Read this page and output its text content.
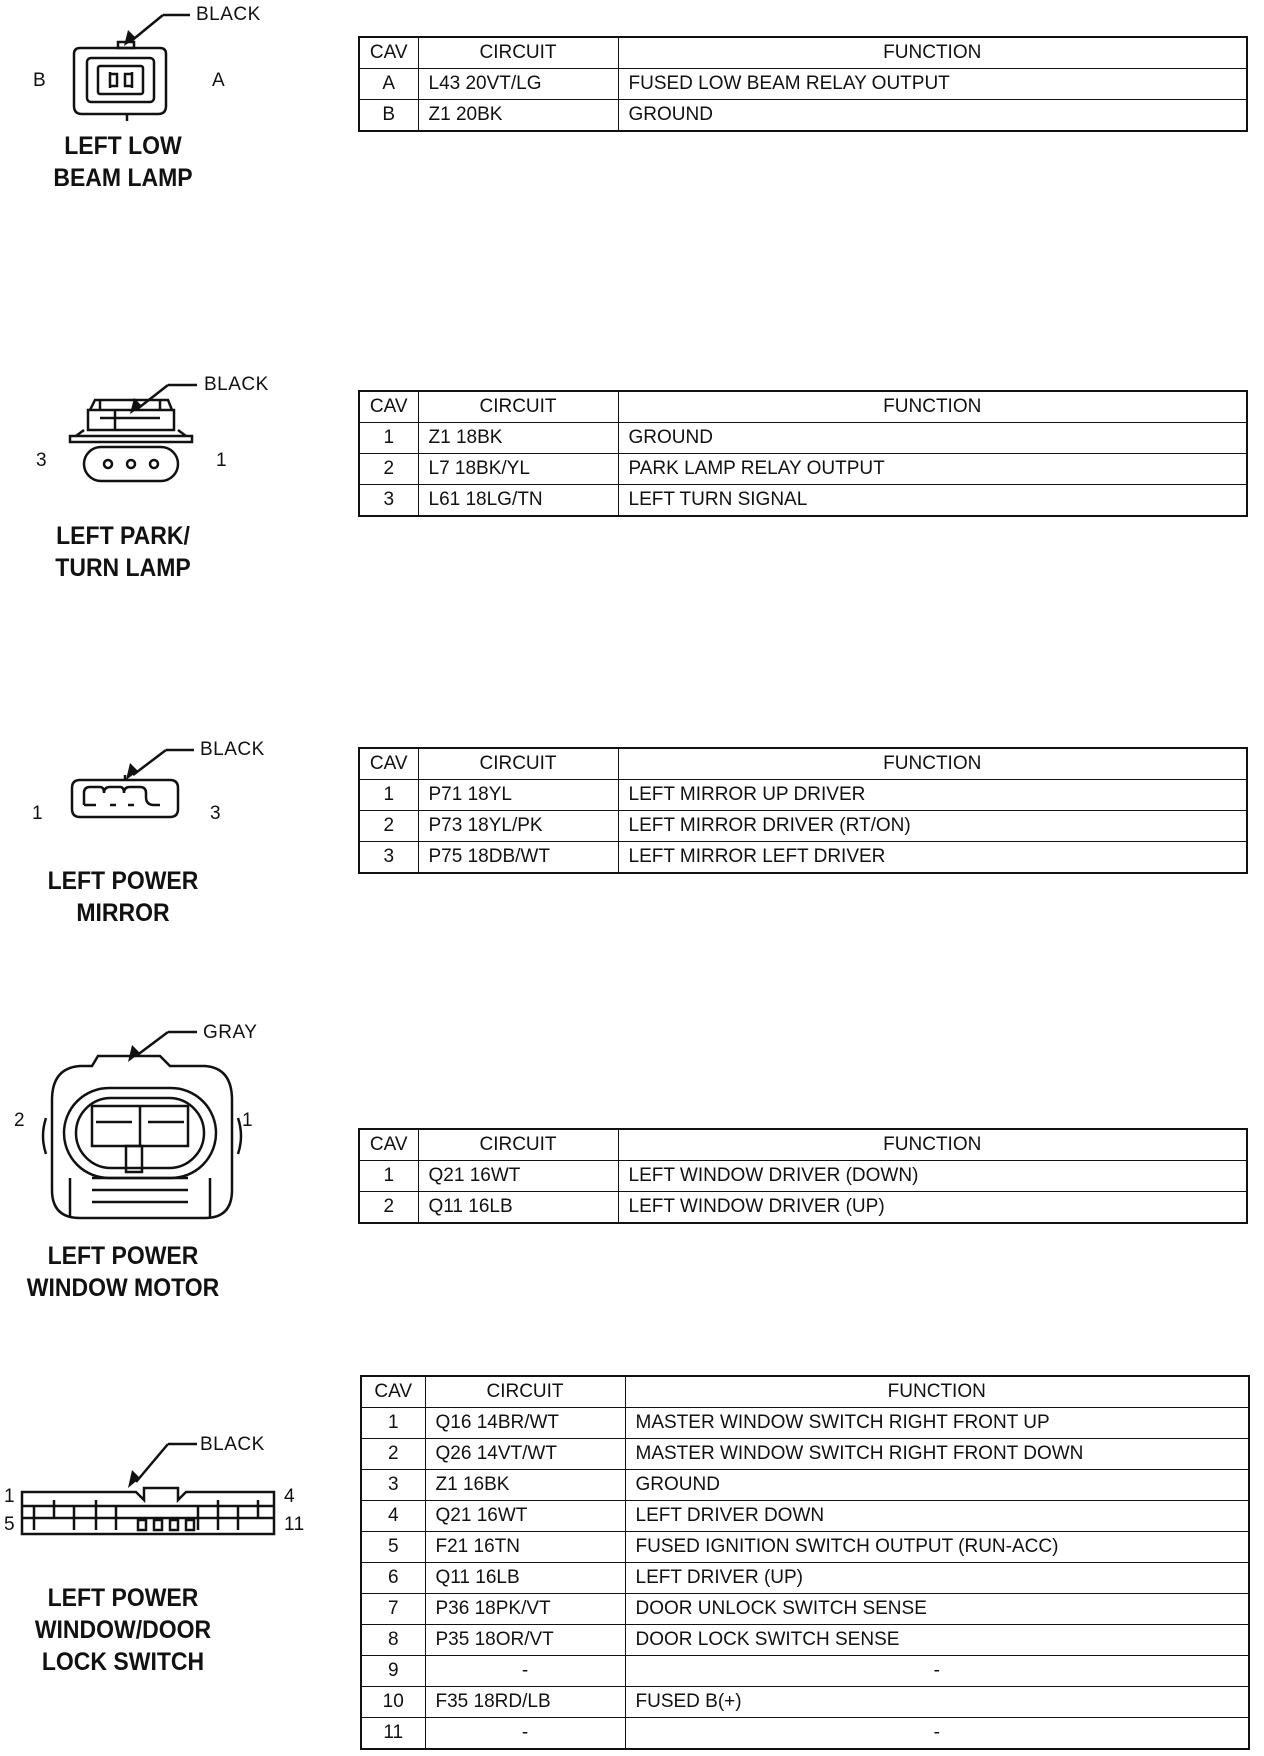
BLACK
B	A
LEFT LOW
BEAM LAMP
CAV	CIRCUIT	FUNCTION
A	L43 20VT/LG	FUSED LOW BEAM RELAY OUTPUT
B	Z1 20BK	GROUND
BLACK
3	1
LEFT PARK/
TURN LAMP
CAV	CIRCUIT	FUNCTION
1	Z1 18BK	GROUND
2	L7 18BK/YL	PARK LAMP RELAY OUTPUT
3	L61 18LG/TN	LEFT TURN SIGNAL
BLACK
1	3
LEFT POWER
MIRROR
CAV	CIRCUIT	FUNCTION
1	P71 18YL	LEFT MIRROR UP DRIVER
2	P73 18YL/PK	LEFT MIRROR DRIVER (RT/ON)
3	P75 18DB/WT	LEFT MIRROR LEFT DRIVER
GRAY
2	1
LEFT POWER
WINDOW MOTOR
CAV	CIRCUIT	FUNCTION
1	Q21 16WT	LEFT WINDOW DRIVER (DOWN)
2	Q11 16LB	LEFT WINDOW DRIVER (UP)
BLACK
1	4
5	11
LEFT POWER
WINDOW/DOOR
LOCK SWITCH
CAV	CIRCUIT	FUNCTION
1	Q16 14BR/WT	MASTER WINDOW SWITCH RIGHT FRONT UP
2	Q26 14VT/WT	MASTER WINDOW SWITCH RIGHT FRONT DOWN
3	Z1 16BK	GROUND
4	Q21 16WT	LEFT DRIVER DOWN
5	F21 16TN	FUSED IGNITION SWITCH OUTPUT (RUN-ACC)
6	Q11 16LB	LEFT DRIVER (UP)
7	P36 18PK/VT	DOOR UNLOCK SWITCH SENSE
8	P35 18OR/VT	DOOR LOCK SWITCH SENSE
9	-	-
10	F35 18RD/LB	FUSED B(+)
11	-	-
